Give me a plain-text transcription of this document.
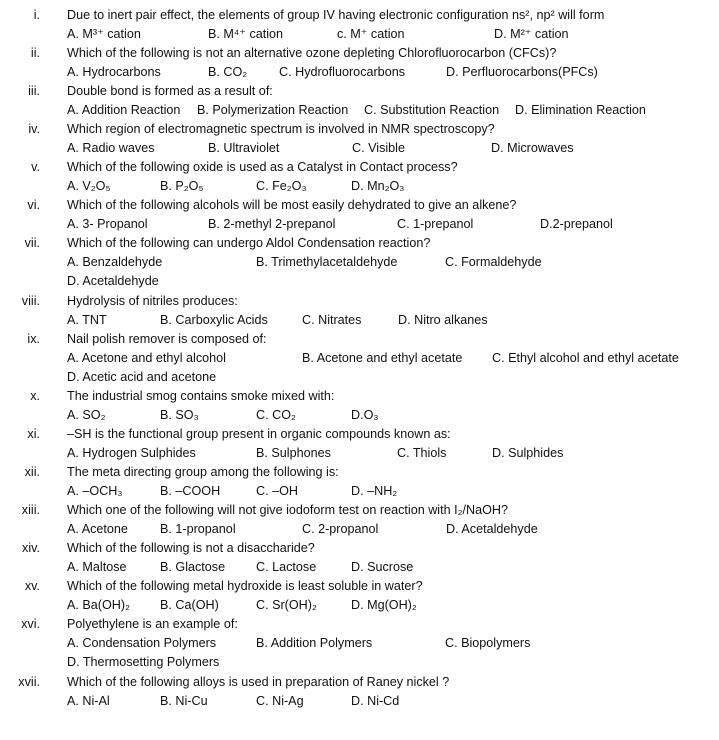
i. Due to inert pair effect, the elements of group IV having electronic configuration ns², np² will form
A. M³⁺ cation	B. M⁴⁺ cation	c. M⁺ cation	D. M²⁺ cation
ii. Which of the following is not an alternative ozone depleting Chlorofluorocarbon (CFCs)?
A. Hydrocarbons	B. CO₂	C. Hydrofluorocarbons	D. Perfluorocarbons(PFCs)
iii. Double bond is formed as a result of:
A. Addition Reaction B. Polymerization Reaction C. Substitution Reaction D. Elimination Reaction
iv. Which region of electromagnetic spectrum is involved in NMR spectroscopy?
A. Radio waves	B. Ultraviolet	C. Visible	D. Microwaves
v. Which of the following oxide is used as a Catalyst in Contact process?
A. V₂O₅	B. P₂O₅	C. Fe₂O₃	D. Mn₂O₃
vi. Which of the following alcohols will be most easily dehydrated to give an alkene?
A. 3- Propanol	B. 2-methyl 2-prepanol	C. 1-prepanol	D.2-prepanol
vii. Which of the following can undergo Aldol Condensation reaction?
A. Benzaldehyde	B. Trimethylacetaldehyde	C. Formaldehyde
D. Acetaldehyde
viii. Hydrolysis of nitriles produces:
A. TNT	B. Carboxylic Acids	C. Nitrates	D. Nitro alkanes
ix. Nail polish remover is composed of:
A. Acetone and ethyl alcohol	B. Acetone and ethyl acetate C. Ethyl alcohol and ethyl acetate
D. Acetic acid and acetone
x. The industrial smog contains smoke mixed with:
A. SO₂	B. SO₃	C. CO₂	D.O₃
xi. –SH is the functional group present in organic compounds known as:
A. Hydrogen Sulphides	B. Sulphones	C. Thiols	D. Sulphides
xii. The meta directing group among the following is:
A. –OCH₃	B. –COOH	C. –OH	D. –NH₂
xiii. Which one of the following will not give iodoform test on reaction with I₂/NaOH?
A. Acetone	B. 1-propanol	C. 2-propanol	D. Acetaldehyde
xiv. Which of the following is not a disaccharide?
A. Maltose	B. Glactose C. Lactose	D. Sucrose
xv. Which of the following metal hydroxide is least soluble in water?
A. Ba(OH)₂ B. Ca(OH)	C. Sr(OH)₂	D. Mg(OH)₂
xvi. Polyethylene is an example of:
A. Condensation Polymers	B. Addition Polymers	C. Biopolymers
D. Thermosetting Polymers
xvii. Which of the following alloys is used in preparation of Raney nickel ?
A. Ni-Al	B. Ni-Cu	C. Ni-Ag	D. Ni-Cd
